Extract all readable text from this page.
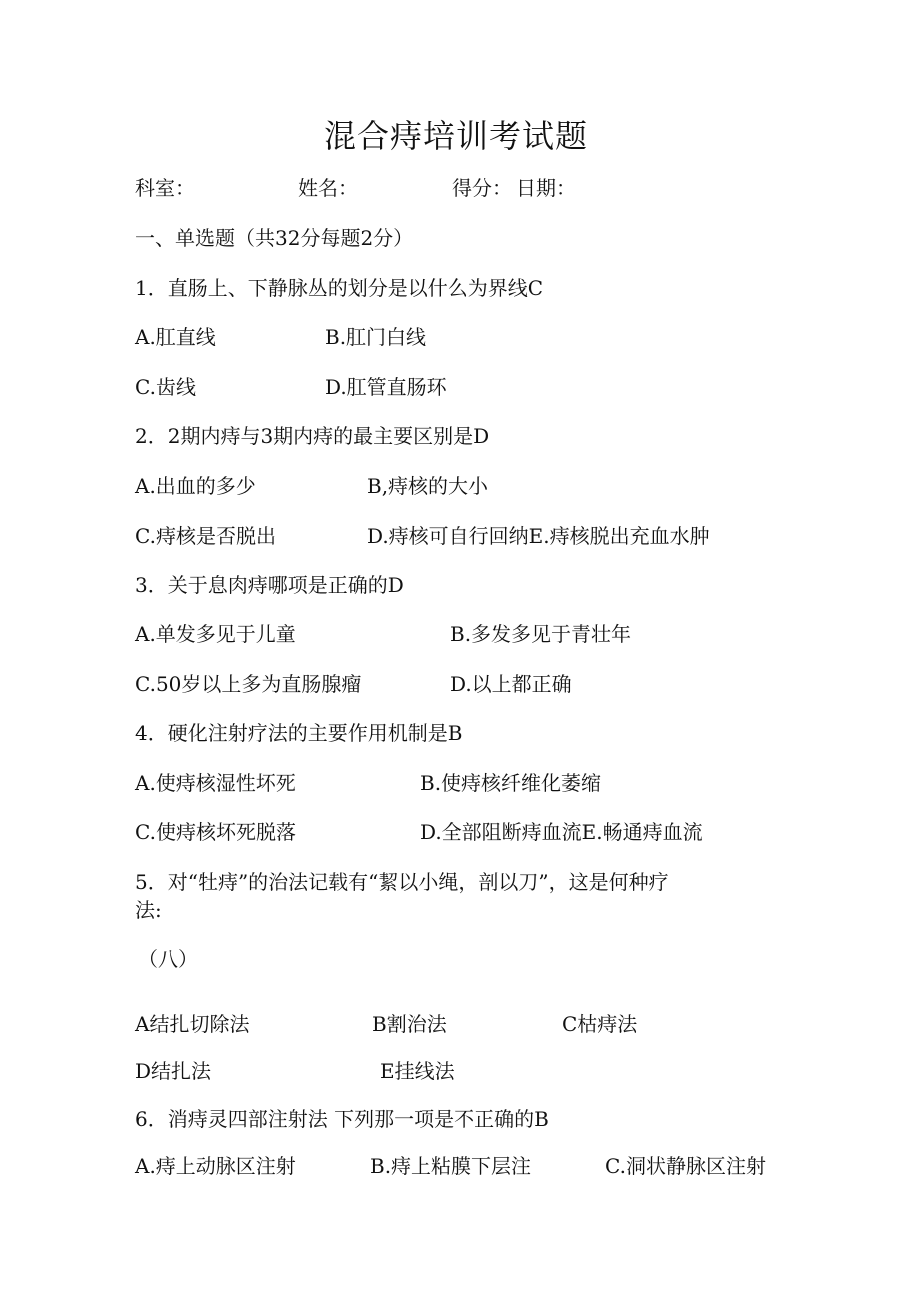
混合痔培训考试题
科室：	姓名：	得分： 日期：
一、单选题（共32分每题2分）
1．直肠上、下静脉丛的划分是以什么为界线C
A.肛直线	B.肛门白线
C.齿线	D.肛管直肠环
2．2期内痔与3期内痔的最主要区别是D
A.出血的多少	B,痔核的大小
C.痔核是否脱出	D.痔核可自行回纳E.痔核脱出充血水肿
3．关于息肉痔哪项是正确的D
A.单发多见于儿童	B.多发多见于青壮年
C.50岁以上多为直肠腺瘤	D.以上都正确
4．硬化注射疗法的主要作用机制是B
A.使痔核湿性坏死	B.使痔核纤维化萎缩
C.使痔核坏死脱落	D.全部阻断痔血流E.畅通痔血流
5．对“牡痔”的治法记载有“絜以小绳，剖以刀”，这是何种疗
法:
（八）
A结扎切除法	B割治法	C枯痔法
D结扎法	E挂线法
6．消痔灵四部注射法 下列那一项是不正确的B
A.痔上动脉区注射	B.痔上粘膜下层注	C.洞状静脉区注射
